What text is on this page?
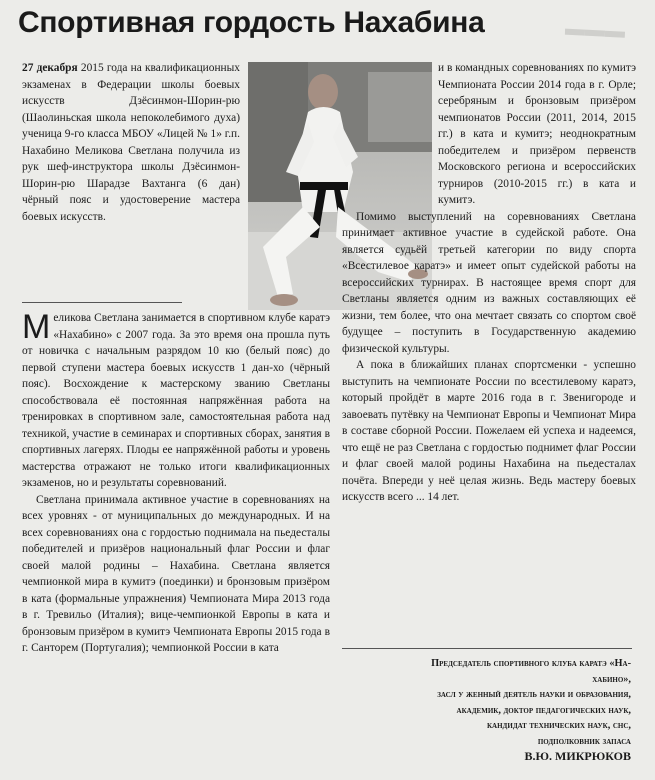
▬▬▬
Спортивная гордость Нахабина

27 декабря 2015 года на квалификационных экзаменах в Федерации школы боевых искусств Дзёсинмон-Шорин-рю (Шаолиньская школа непоколебимого духа) ученица 9-го класса МБОУ «Лицей № 1» г.п. Нахабино Меликова Светлана получила из рук шеф-инструктора школы Дзёсинмон-Шорин-рю Шарадзе Вахтанга (6 дан) чёрный пояс и удостоверение мастера боевых искусств.

Меликова Светлана занимается в спортивном клубе каратэ «Нахабино» с 2007 года. За это время она прошла путь от новичка с начальным разрядом 10 кю (белый пояс) до первой ступени мастера боевых искусств 1 дан-хо (чёрный пояс). Восхождение к мастерскому званию Светланы способствовала её постоянная напряжённая работа на тренировках в спортивном зале, самостоятельная работа над техникой, участие в семинарах и спортивных сборах, занятия в спортивных лагерях. Плоды ее напряжённой работы и уровень мастерства отражают не только итоги квалификационных экзаменов, но и результаты соревнований.

Светлана принимала активное участие в соревнованиях на всех уровнях - от муниципальных до международных. И на всех соревнованиях она с гордостью поднимала на пьедесталы победителей и призёров национальный флаг России и флаг своей малой родины – Нахабина. Светлана является чемпионкой мира в кумитэ (поединки) и бронзовым призёром в ката (формальные упражнения) Чемпионата Мира 2013 года в г. Тревильо (Италия); вице-чемпионкой Европы в ката и бронзовым призёром в кумитэ Чемпионата Европы 2015 года в г. Санторем (Португалия); чемпионкой России в ката

и в командных соревнованиях по кумитэ Чемпионата России 2014 года в г. Орле; серебряным и бронзовым призёром чемпионатов России (2011, 2014, 2015 гг.) в ката и кумитэ; неоднократным победителем и призёром первенств Московского региона и всероссийских турниров (2010-2015 гг.) в ката и кумитэ.

Помимо выступлений на соревнованиях Светлана принимает активное участие в судейской работе. Она является судьёй третьей категории по виду спорта «Всестилевое каратэ» и имеет опыт судейской работы на всероссийских турнирах. В настоящее время спорт для Светланы является одним из важных составляющих её жизни, тем более, что она мечтает связать со спортом своё будущее – поступить в Государственную академию физической культуры.

А пока в ближайших планах спортсменки - успешно выступить на чемпионате России по всестилевому каратэ, который пройдёт в марте 2016 года в г. Звенигороде и завоевать путёвку на Чемпионат Европы и Чемпионат Мира в составе сборной России. Пожелаем ей успеха и надеемся, что ещё не раз Светлана с гордостью поднимет флаг России и флаг своей малой родины Нахабина на пьедесталах почёта. Впереди у неё целая жизнь. Ведь мастеру боевых искусств всего ... 14 лет.

Председатель спортивного клуба каратэ «На-
хабино»,
засл у женный деятель науки и образования,
академик, доктор педагогических наук,
кандидат технических наук, снс,
подполковник запаса
В.Ю. МИКРЮКОВ
